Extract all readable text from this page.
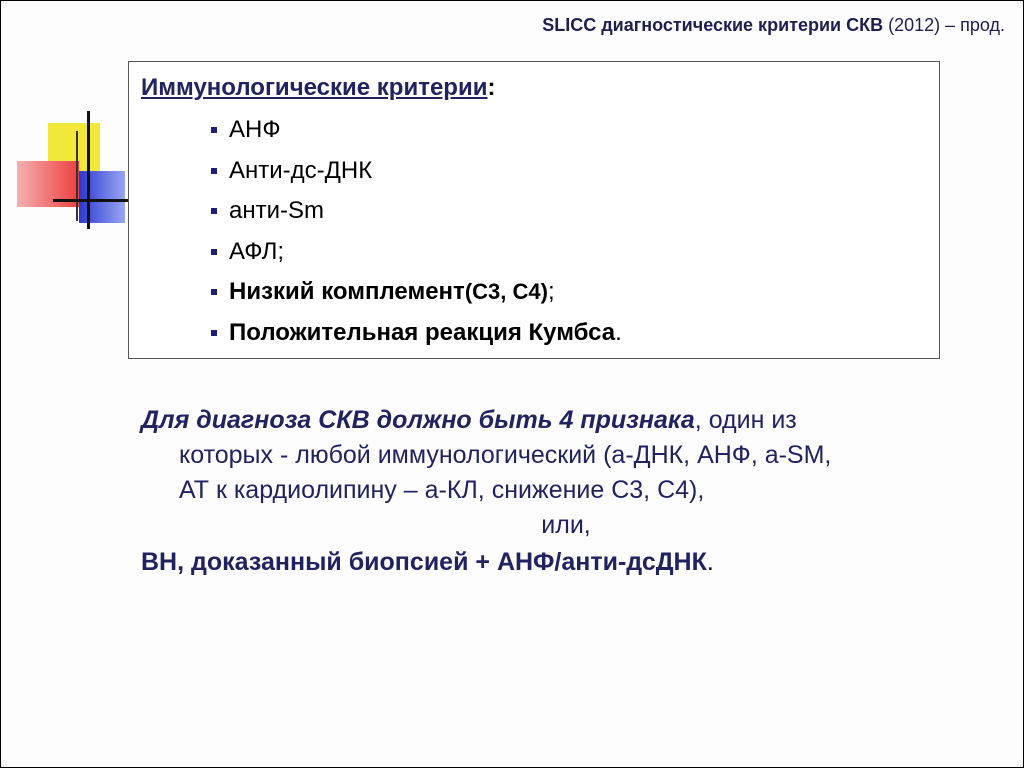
SLICC диагностические критерии СКВ (2012) – прод.
Иммунологические критерии:
АНФ
Анти-дс-ДНК
анти-Sm
АФЛ;
Низкий комплемент (С3, С4) ;
Положительная реакция Кумбса .
Для диагноза СКВ должно быть 4 признака, один из
которых - любой иммунологический (а-ДНК, АНФ, а-SM,
АТ к кардиолипину – а-КЛ, снижение С3, С4),
или,
ВН, доказанный биопсией + АНФ/анти-дсДНК.
